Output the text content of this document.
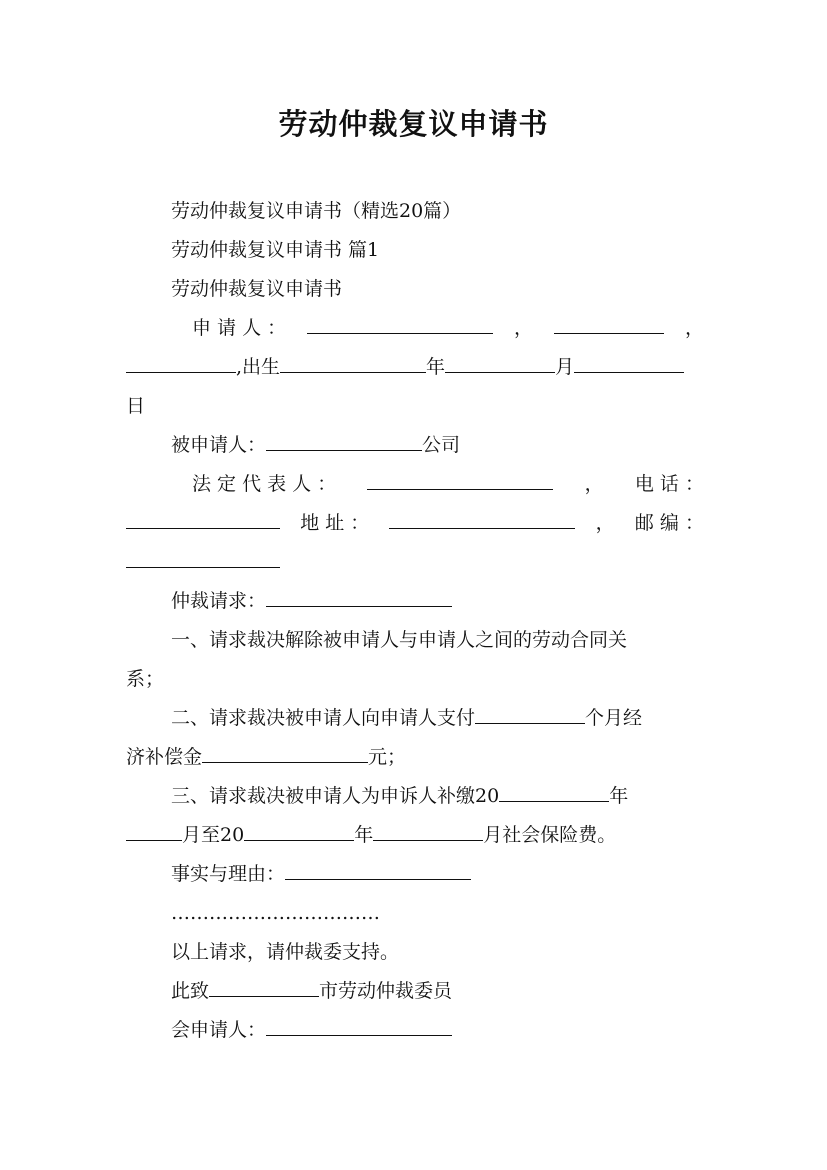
劳动仲裁复议申请书
劳动仲裁复议申请书（精选20篇）
劳动仲裁复议申请书 篇1
劳动仲裁复议申请书
申 请 人 ：	，	，
,出生	年	月
日
被申请人：	公司
法 定 代 表 人 ：	， 电 话 ：
地 址 ：	， 邮 编 ：
仲裁请求：
一、请求裁决解除被申请人与申请人之间的劳动合同关
系；
二、请求裁决被申请人向申请人支付	个月经
济补偿金	元；
三、请求裁决被申请人为申诉人补缴20	年
月至20	年	月社会保险费。
事实与理由：
……………………………
以上请求，请仲裁委支持。
此致	市劳动仲裁委员
会申请人：
